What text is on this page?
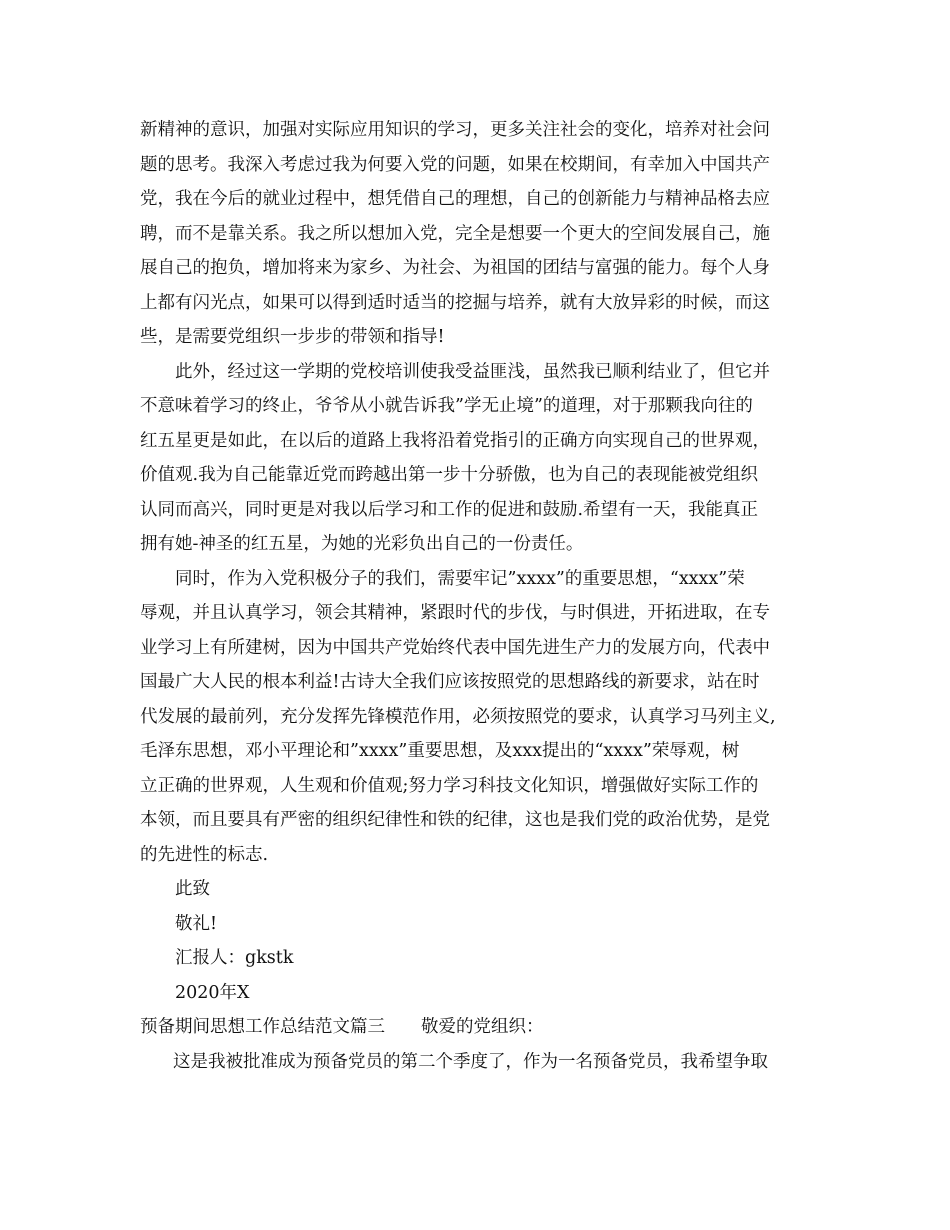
新精神的意识，加强对实际应用知识的学习，更多关注社会的变化，培养对社会问
题的思考。我深入考虑过我为何要入党的问题，如果在校期间，有幸加入中国共产
党，我在今后的就业过程中，想凭借自己的理想，自己的创新能力与精神品格去应
聘，而不是靠关系。我之所以想加入党，完全是想要一个更大的空间发展自己，施
展自己的抱负，增加将来为家乡、为社会、为祖国的团结与富强的能力。每个人身
上都有闪光点，如果可以得到适时适当的挖掘与培养，就有大放异彩的时候，而这
些，是需要党组织一步步的带领和指导!
此外，经过这一学期的党校培训使我受益匪浅，虽然我已顺利结业了，但它并
不意味着学习的终止，爷爷从小就告诉我”学无止境”的道理，对于那颗我向往的
红五星更是如此，在以后的道路上我将沿着党指引的正确方向实现自己的世界观，
价值观.我为自己能靠近党而跨越出第一步十分骄傲，也为自己的表现能被党组织
认同而高兴，同时更是对我以后学习和工作的促进和鼓励.希望有一天，我能真正
拥有她-神圣的红五星，为她的光彩负出自己的一份责任。
同时，作为入党积极分子的我们，需要牢记”xxxx”的重要思想，“xxxx”荣
辱观，并且认真学习，领会其精神，紧跟时代的步伐，与时俱进，开拓进取，在专
业学习上有所建树，因为中国共产党始终代表中国先进生产力的发展方向，代表中
国最广大人民的根本利益!古诗大全我们应该按照党的思想路线的新要求，站在时
代发展的最前列，充分发挥先锋模范作用，必须按照党的要求，认真学习马列主义,
毛泽东思想，邓小平理论和”xxxx”重要思想，及xxx提出的“xxxx”荣辱观，树
立正确的世界观，人生观和价值观;努力学习科技文化知识，增强做好实际工作的
本领，而且要具有严密的组织纪律性和铁的纪律，这也是我们党的政治优势，是党
的先进性的标志.
此致
敬礼!
汇报人：gkstk
2020年X
预备期间思想工作总结范文篇三 敬爱的党组织：
这是我被批准成为预备党员的第二个季度了，作为一名预备党员，我希望争取
